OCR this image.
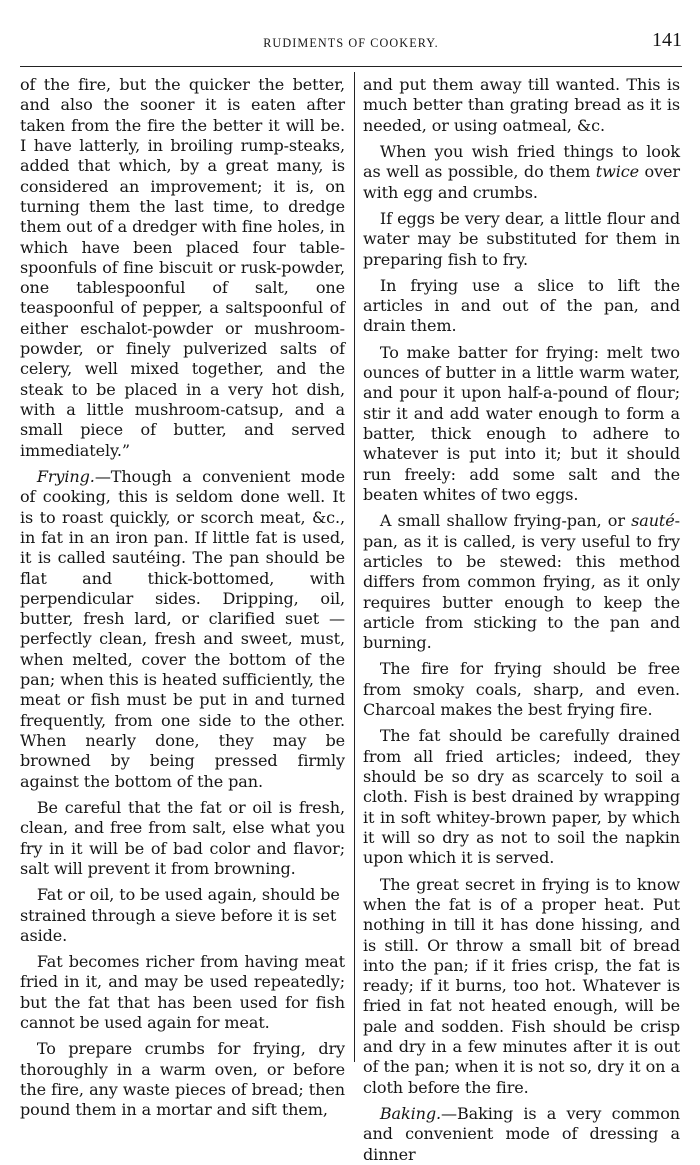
RUDIMENTS OF COOKERY.	141

of the fire, but the quicker the better, and also the sooner it is eaten after taken from the fire the better it will be. I have latterly, in broiling rump-steaks, added that which, by a great many, is considered an improvement; it is, on turning them the last time, to dredge them out of a dredger with fine holes, in which have been placed four table-spoonfuls of fine biscuit or rusk-powder, one tablespoonful of salt, one teaspoonful of pepper, a saltspoonful of either eschalot-powder or mushroom-powder, or finely pulverized salts of celery, well mixed together, and the steak to be placed in a very hot dish, with a little mushroom-catsup, and a small piece of butter, and served immediately.”

Frying.—Though a convenient mode of cooking, this is seldom done well. It is to roast quickly, or scorch meat, &c., in fat in an iron pan. If little fat is used, it is called sautéing. The pan should be flat and thick-bottomed, with perpendicular sides. Dripping, oil, butter, fresh lard, or clarified suet — perfectly clean, fresh and sweet, must, when melted, cover the bottom of the pan; when this is heated sufficiently, the meat or fish must be put in and turned frequently, from one side to the other. When nearly done, they may be browned by being pressed firmly against the bottom of the pan.

Be careful that the fat or oil is fresh, clean, and free from salt, else what you fry in it will be of bad color and flavor; salt will prevent it from browning.

Fat or oil, to be used again, should be strained through a sieve before it is set aside.

Fat becomes richer from having meat fried in it, and may be used repeatedly; but the fat that has been used for fish cannot be used again for meat.

To prepare crumbs for frying, dry thoroughly in a warm oven, or before the fire, any waste pieces of bread; then pound them in a mortar and sift them,

and put them away till wanted. This is much better than grating bread as it is needed, or using oatmeal, &c.

When you wish fried things to look as well as possible, do them twice over with egg and crumbs.

If eggs be very dear, a little flour and water may be substituted for them in preparing fish to fry.

In frying use a slice to lift the articles in and out of the pan, and drain them.

To make batter for frying: melt two ounces of butter in a little warm water, and pour it upon half-a-pound of flour; stir it and add water enough to form a batter, thick enough to adhere to whatever is put into it; but it should run freely: add some salt and the beaten whites of two eggs.

A small shallow frying-pan, or sauté-pan, as it is called, is very useful to fry articles to be stewed: this method differs from common frying, as it only requires butter enough to keep the article from sticking to the pan and burning.

The fire for frying should be free from smoky coals, sharp, and even. Charcoal makes the best frying fire.

The fat should be carefully drained from all fried articles; indeed, they should be so dry as scarcely to soil a cloth. Fish is best drained by wrapping it in soft whitey-brown paper, by which it will so dry as not to soil the napkin upon which it is served.

The great secret in frying is to know when the fat is of a proper heat. Put nothing in till it has done hissing, and is still. Or throw a small bit of bread into the pan; if it fries crisp, the fat is ready; if it burns, too hot. Whatever is fried in fat not heated enough, will be pale and sodden. Fish should be crisp and dry in a few minutes after it is out of the pan; when it is not so, dry it on a cloth before the fire.

Baking.—Baking is a very common and convenient mode of dressing a dinner
